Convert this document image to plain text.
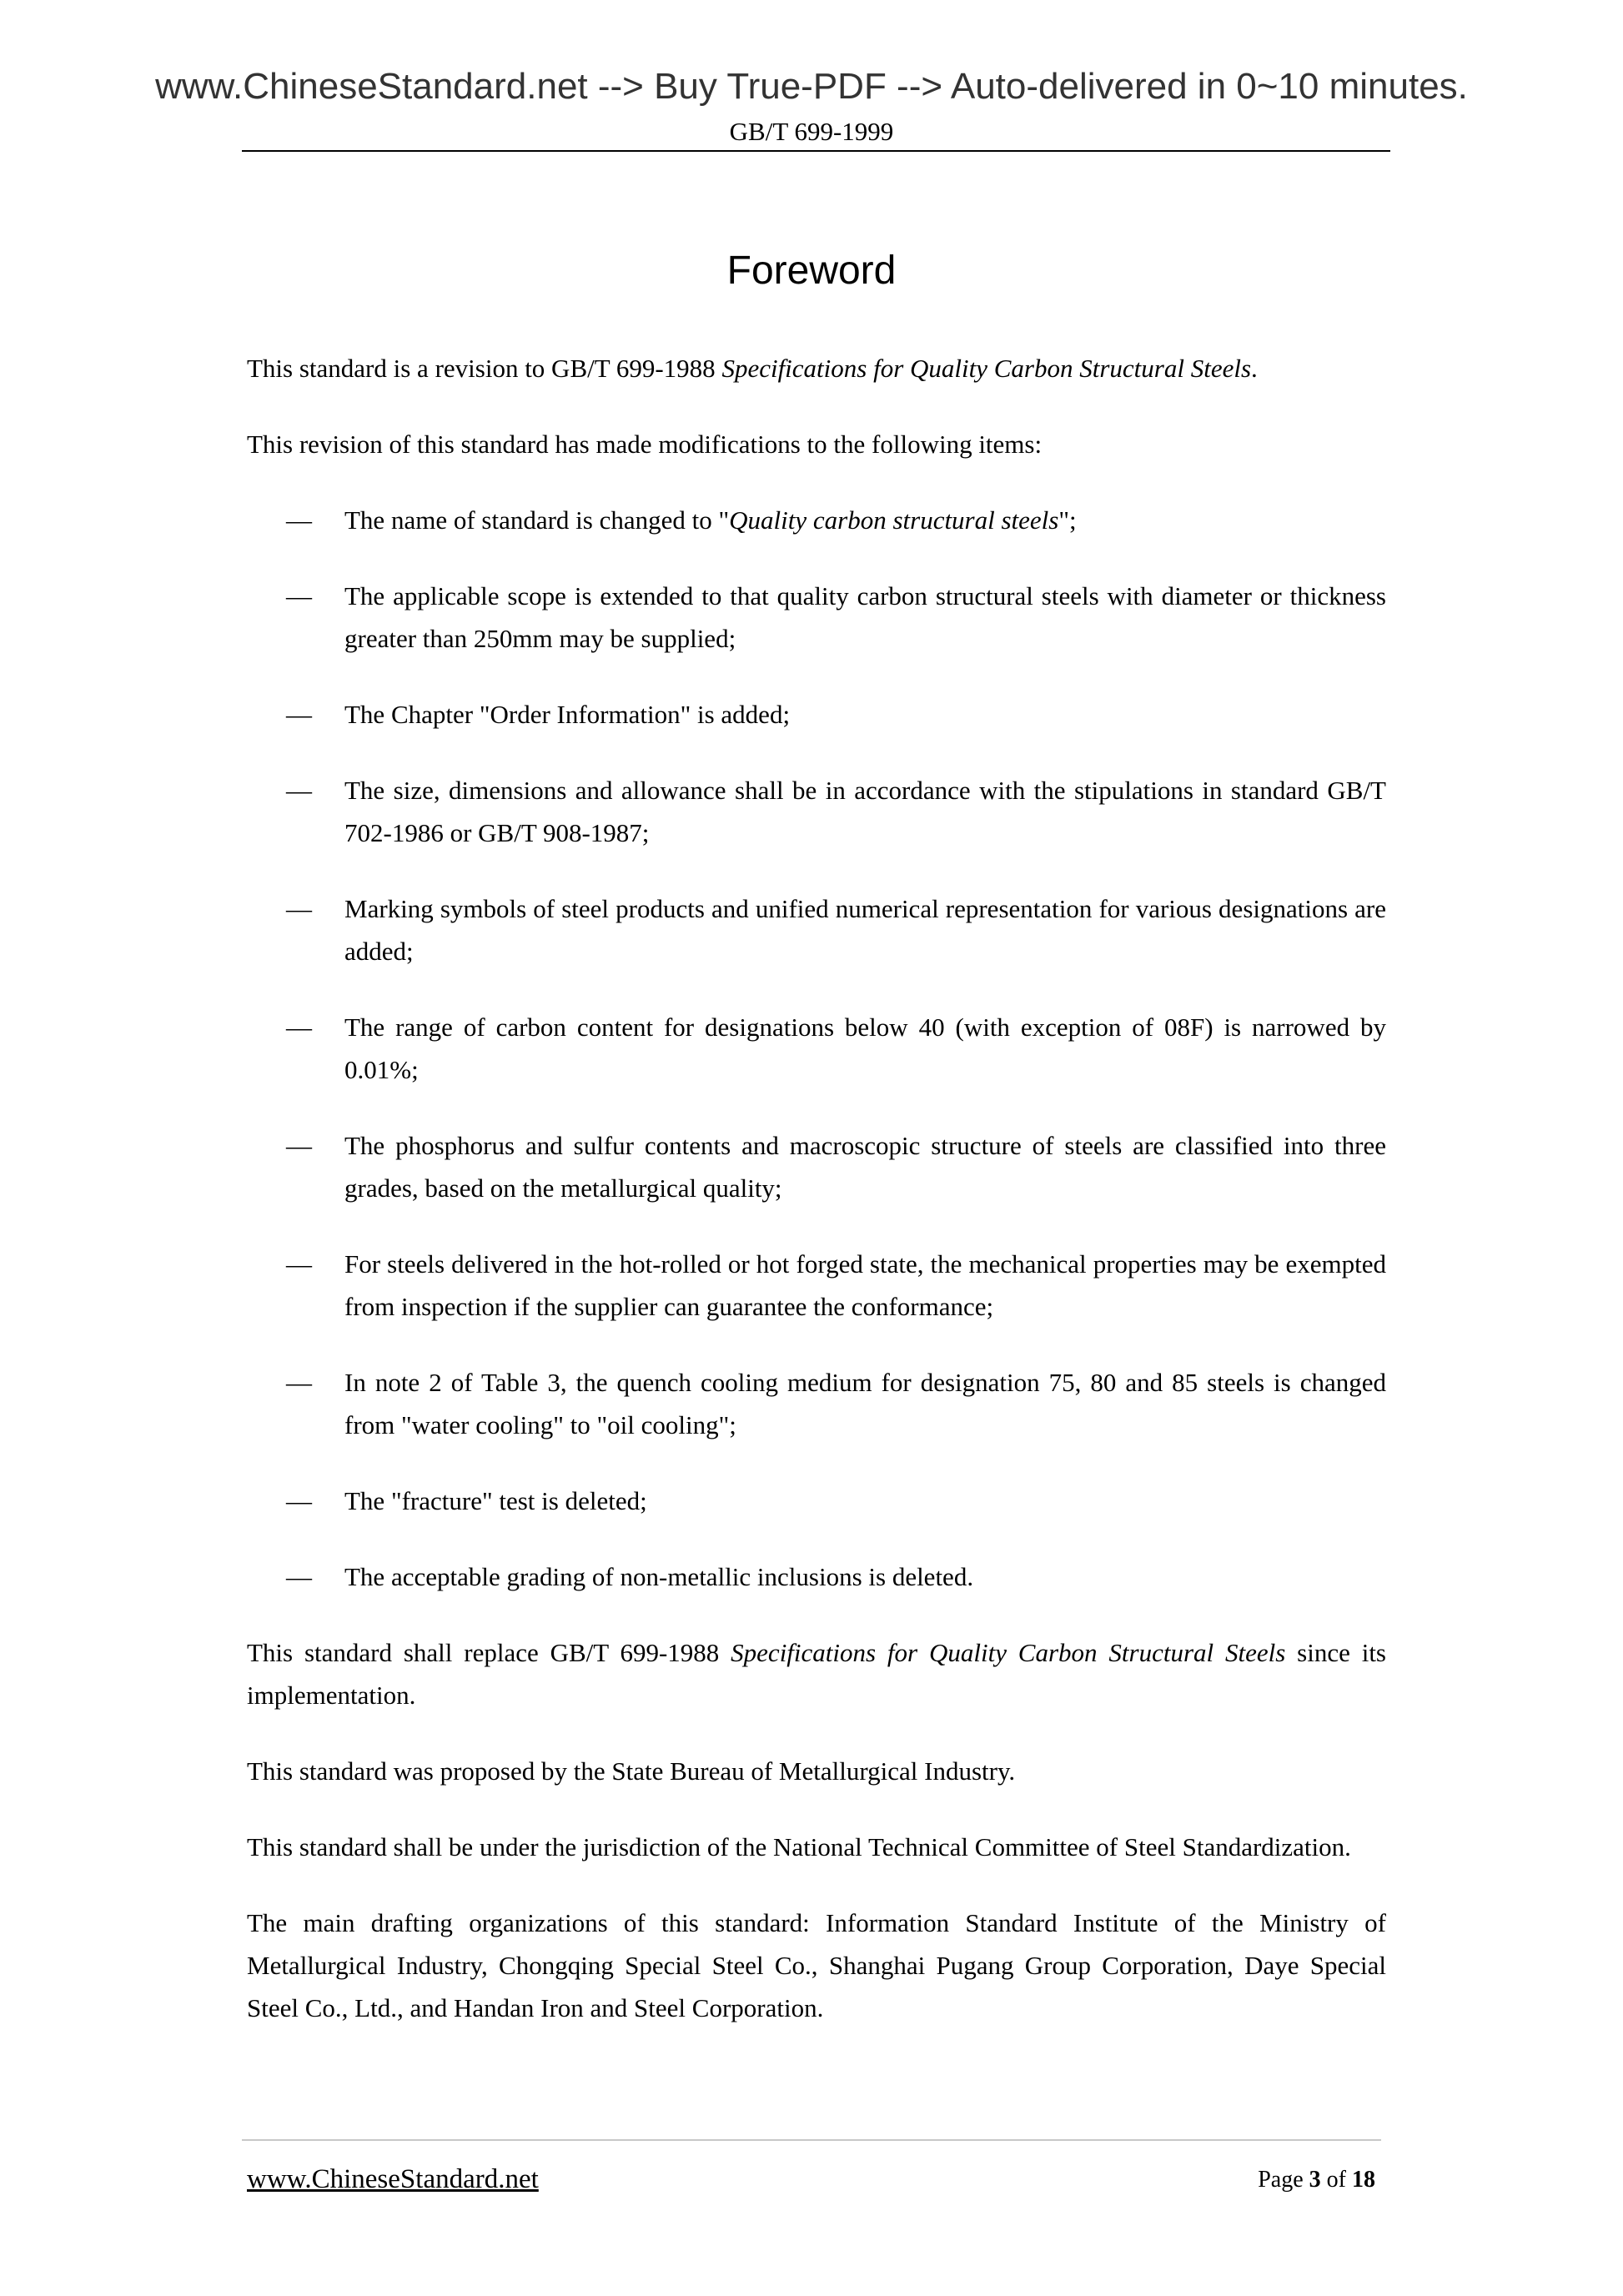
www.ChineseStandard.net --> Buy True-PDF --> Auto-delivered in 0~10 minutes.
GB/T 699-1999
Foreword

This standard is a revision to GB/T 699-1988 Specifications for Quality Carbon Structural Steels.

This revision of this standard has made modifications to the following items:

— The name of standard is changed to "Quality carbon structural steels";
— The applicable scope is extended to that quality carbon structural steels with diameter or thickness greater than 250mm may be supplied;
— The Chapter "Order Information" is added;
— The size, dimensions and allowance shall be in accordance with the stipulations in standard GB/T 702-1986 or GB/T 908-1987;
— Marking symbols of steel products and unified numerical representation for various designations are added;
— The range of carbon content for designations below 40 (with exception of 08F) is narrowed by 0.01%;
— The phosphorus and sulfur contents and macroscopic structure of steels are classified into three grades, based on the metallurgical quality;
— For steels delivered in the hot-rolled or hot forged state, the mechanical properties may be exempted from inspection if the supplier can guarantee the conformance;
— In note 2 of Table 3, the quench cooling medium for designation 75, 80 and 85 steels is changed from "water cooling" to "oil cooling";
— The "fracture" test is deleted;
— The acceptable grading of non-metallic inclusions is deleted.

This standard shall replace GB/T 699-1988 Specifications for Quality Carbon Structural Steels since its implementation.

This standard was proposed by the State Bureau of Metallurgical Industry.

This standard shall be under the jurisdiction of the National Technical Committee of Steel Standardization.

The main drafting organizations of this standard: Information Standard Institute of the Ministry of Metallurgical Industry, Chongqing Special Steel Co., Shanghai Pugang Group Corporation, Daye Special Steel Co., Ltd., and Handan Iron and Steel Corporation.

www.ChineseStandard.net	Page 3 of 18
